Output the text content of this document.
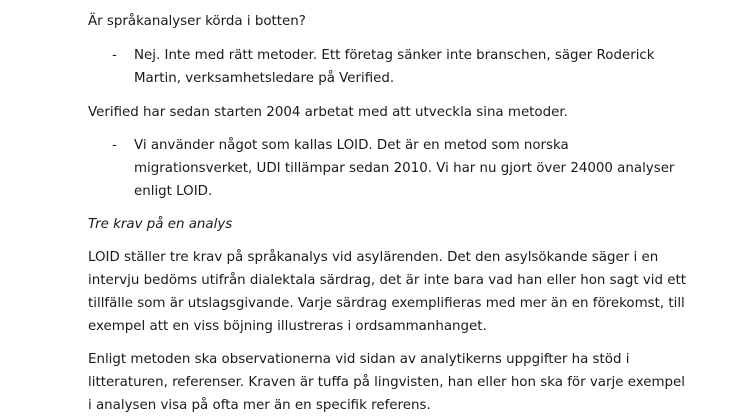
Är språkanalyser körda i botten?
- Nej. Inte med rätt metoder. Ett företag sänker inte branschen, säger Roderick
Martin, verksamhetsledare på Verified.
Verified har sedan starten 2004 arbetat med att utveckla sina metoder.
- Vi använder något som kallas LOID. Det är en metod som norska
migrationsverket, UDI tillämpar sedan 2010. Vi har nu gjort över 24000 analyser
enligt LOID.
Tre krav på en analys
LOID ställer tre krav på språkanalys vid asylärenden. Det den asylsökande säger i en
intervju bedöms utifrån dialektala särdrag, det är inte bara vad han eller hon sagt vid ett
tillfälle som är utslagsgivande. Varje särdrag exemplifieras med mer än en förekomst, till
exempel att en viss böjning illustreras i ordsammanhanget.
Enligt metoden ska observationerna vid sidan av analytikerns uppgifter ha stöd i
litteraturen, referenser. Kraven är tuffa på lingvisten, han eller hon ska för varje exempel
i analysen visa på ofta mer än en specifik referens.
